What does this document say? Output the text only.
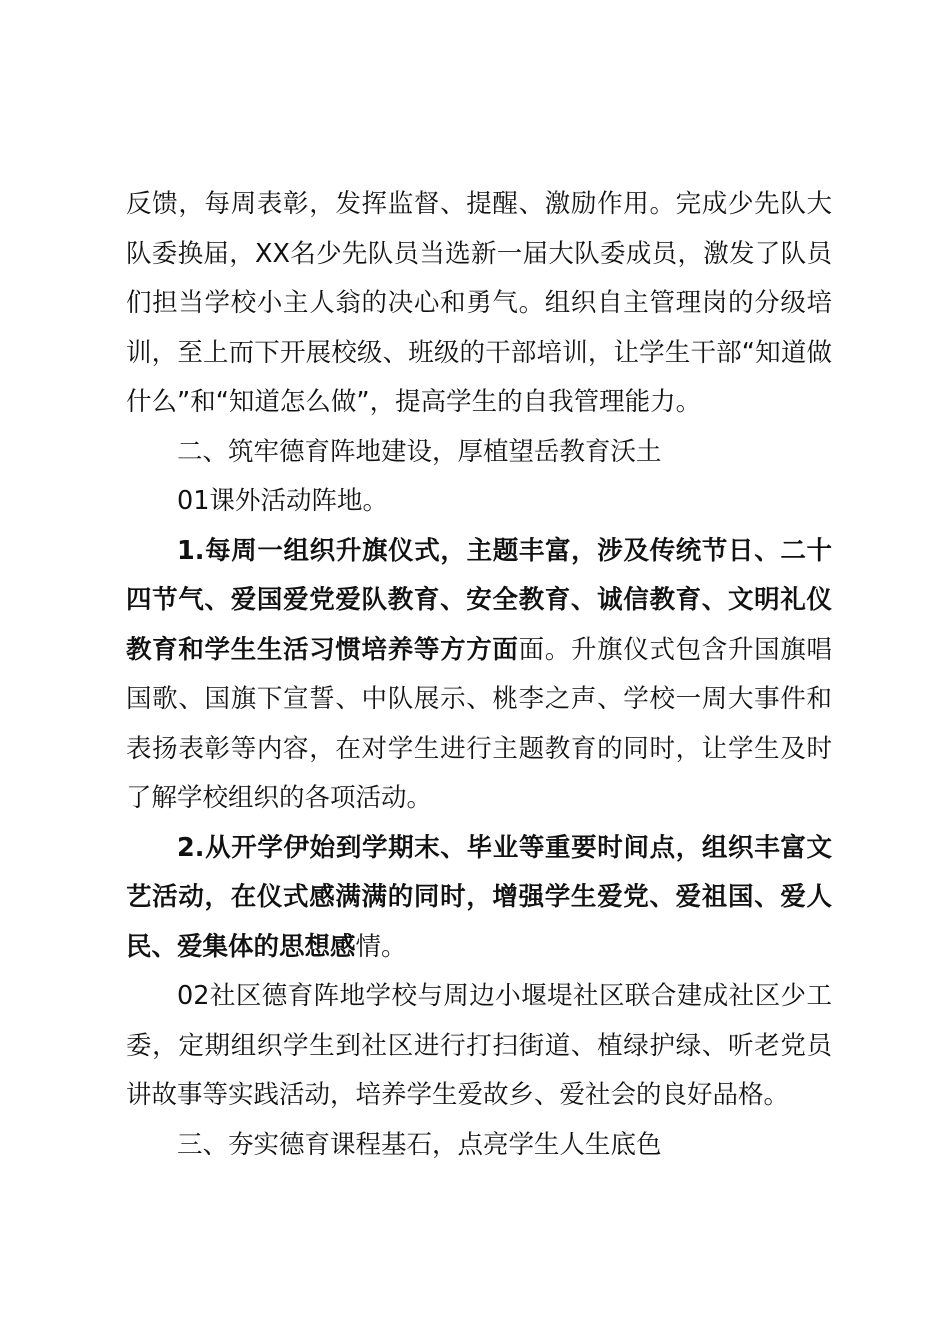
反馈，每周表彰，发挥监督、提醒、激励作用。完成少先队大队委换届，XX名少先队员当选新一届大队委成员，激发了队员们担当学校小主人翁的决心和勇气。组织自主管理岗的分级培训，至上而下开展校级、班级的干部培训，让学生干部“知道做什么”和“知道怎么做”，提高学生的自我管理能力。

二、筑牢德育阵地建设，厚植望岳教育沃土

01课外活动阵地。

1.每周一组织升旗仪式，主题丰富，涉及传统节日、二十四节气、爱国爱党爱队教育、安全教育、诚信教育、文明礼仪教育和学生生活习惯培养等方方面面。升旗仪式包含升国旗唱国歌、国旗下宣誓、中队展示、桃李之声、学校一周大事件和表扬表彰等内容，在对学生进行主题教育的同时，让学生及时了解学校组织的各项活动。

2.从开学伊始到学期末、毕业等重要时间点，组织丰富文艺活动，在仪式感满满的同时，增强学生爱党、爱祖国、爱人民、爱集体的思想感情。

02社区德育阵地学校与周边小堰堤社区联合建成社区少工委，定期组织学生到社区进行打扫街道、植绿护绿、听老党员讲故事等实践活动，培养学生爱故乡、爱社会的良好品格。

三、夯实德育课程基石，点亮学生人生底色
